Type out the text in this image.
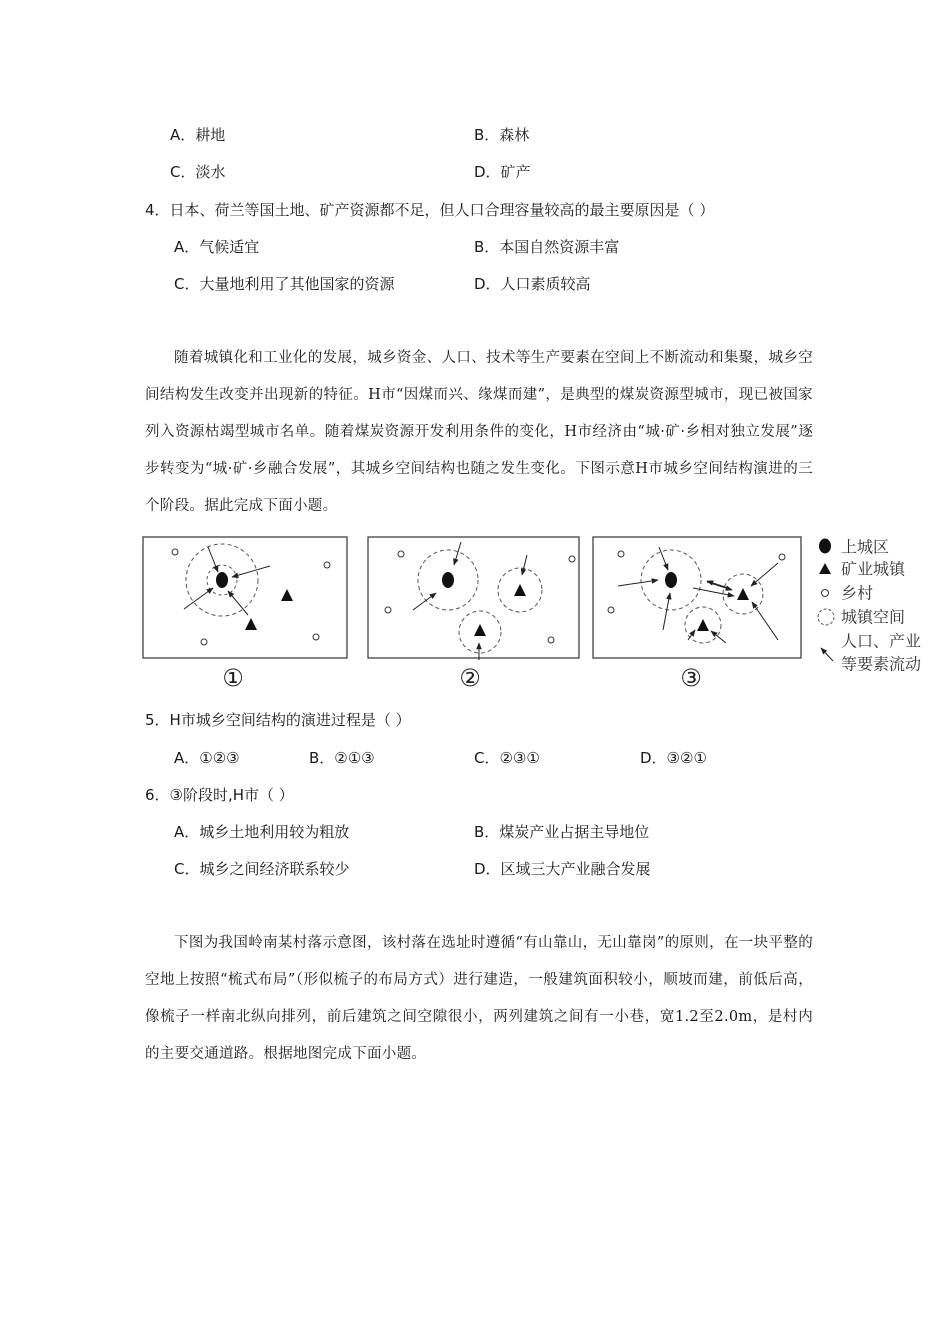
A．耕地	B．森林
C．淡水	D．矿产
4．日本、荷兰等国土地、矿产资源都不足，但人口合理容量较高的最主要原因是（ ）
A．气候适宜	B．本国自然资源丰富
C．大量地利用了其他国家的资源	D．人口素质较高

随着城镇化和工业化的发展，城乡资金、人口、技术等生产要素在空间上不断流动和集聚，城乡空间结构发生改变并出现新的特征。H市“因煤而兴、缘煤而建”，是典型的煤炭资源型城市，现已被国家列入资源枯竭型城市名单。随着煤炭资源开发利用条件的变化，H市经济由“城·矿·乡相对独立发展”逐步转变为“城·矿·乡融合发展”，其城乡空间结构也随之发生变化。下图示意H市城乡空间结构演进的三个阶段。据此完成下面小题。

①	②	③
上城区
矿业城镇
乡村
城镇空间
人口、产业
等要素流动
5．H市城乡空间结构的演进过程是（ ）
A．①②③	B．②①③	C．②③①	D．③②①
6．③阶段时,H市（ ）
A．城乡土地利用较为粗放	B．煤炭产业占据主导地位
C．城乡之间经济联系较少	D．区域三大产业融合发展

下图为我国岭南某村落示意图，该村落在选址时遵循“有山靠山，无山靠岗”的原则，在一块平整的空地上按照“梳式布局”（形似梳子的布局方式）进行建造，一般建筑面积较小，顺坡而建，前低后高，像梳子一样南北纵向排列，前后建筑之间空隙很小，两列建筑之间有一小巷，宽1.2至2.0m，是村内的主要交通道路。根据地图完成下面小题。
